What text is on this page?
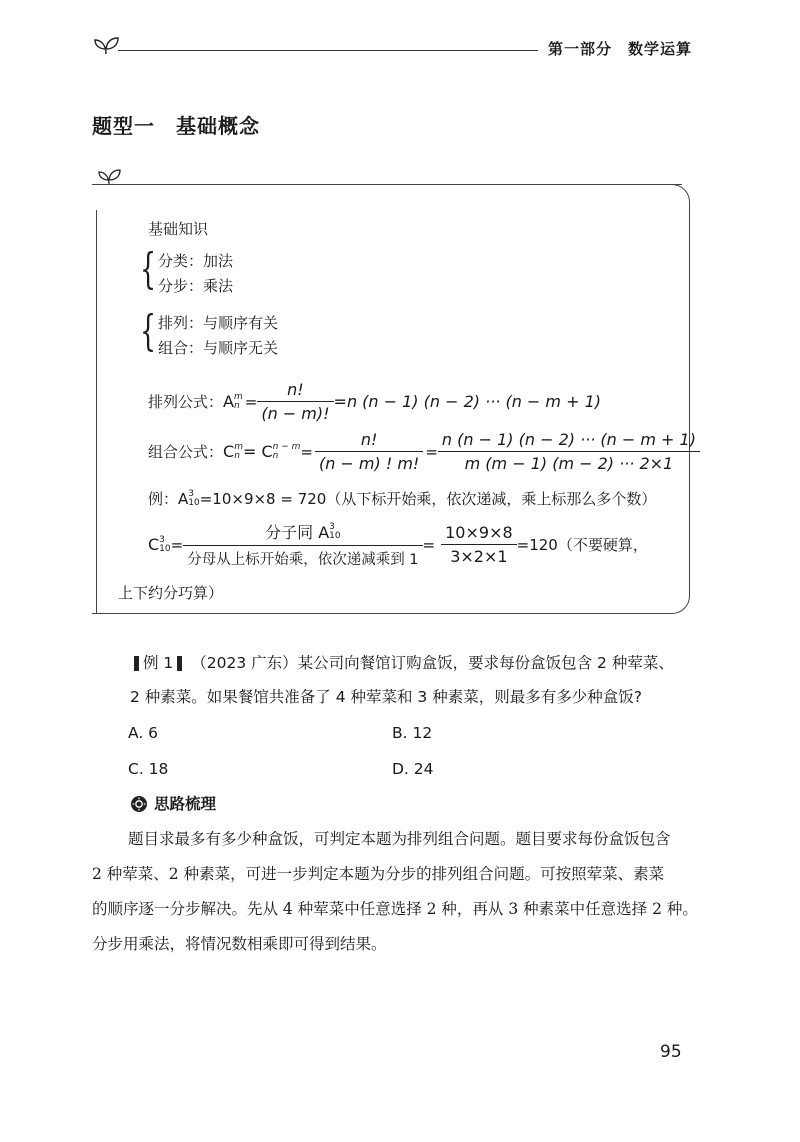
第一部分　数学运算
题型一　基础概念
基础知识
{ 分类：加法
分步：乘法
{ 排列：与顺序有关
组合：与顺序无关
排列公式： A m
$n = \frac{n!}{(n - m)!} =n$ (n − 1) (n − 2) ··· (n − m + 1)
组合公式： C m
n = C n − m
n	= $\frac{n!}{(n - m) ! m!} = \frac{n (n - 1) (n - 2) \cdot\cdot\cdot (n - m + 1)}{m (m - 1) (m - 2) \cdot\cdot\cdot 2\times 1}$
例：A 3
10 =10×9×8 = 720（从下标开始乘，依次递减，乘上标那么多个数）
C 3
10 = 分子同 A 3
10
分母从上标开始乘，依次递减乘到 $1 = \frac{10\times 9\times 8}{3\times 2\times 1} =120$（不要硬算，
上下约分巧算）
例 1 （2023 广东）某公司向餐馆订购盒饭，要求每份盒饭包含 2 种荤菜、
2 种素菜。如果餐馆共准备了 4 种荤菜和 3 种素菜，则最多有多少种盒饭?
A. 6	B. 12
C. 18	D. 24
思路梳理
题目求最多有多少种盒饭，可判定本题为排列组合问题。题目要求每份盒饭包含
2 种荤菜、2 种素菜，可进一步判定本题为分步的排列组合问题。可按照荤菜、素菜
的顺序逐一分步解决。先从 4 种荤菜中任意选择 2 种，再从 3 种素菜中任意选择 2 种。
分步用乘法，将情况数相乘即可得到结果。
95
